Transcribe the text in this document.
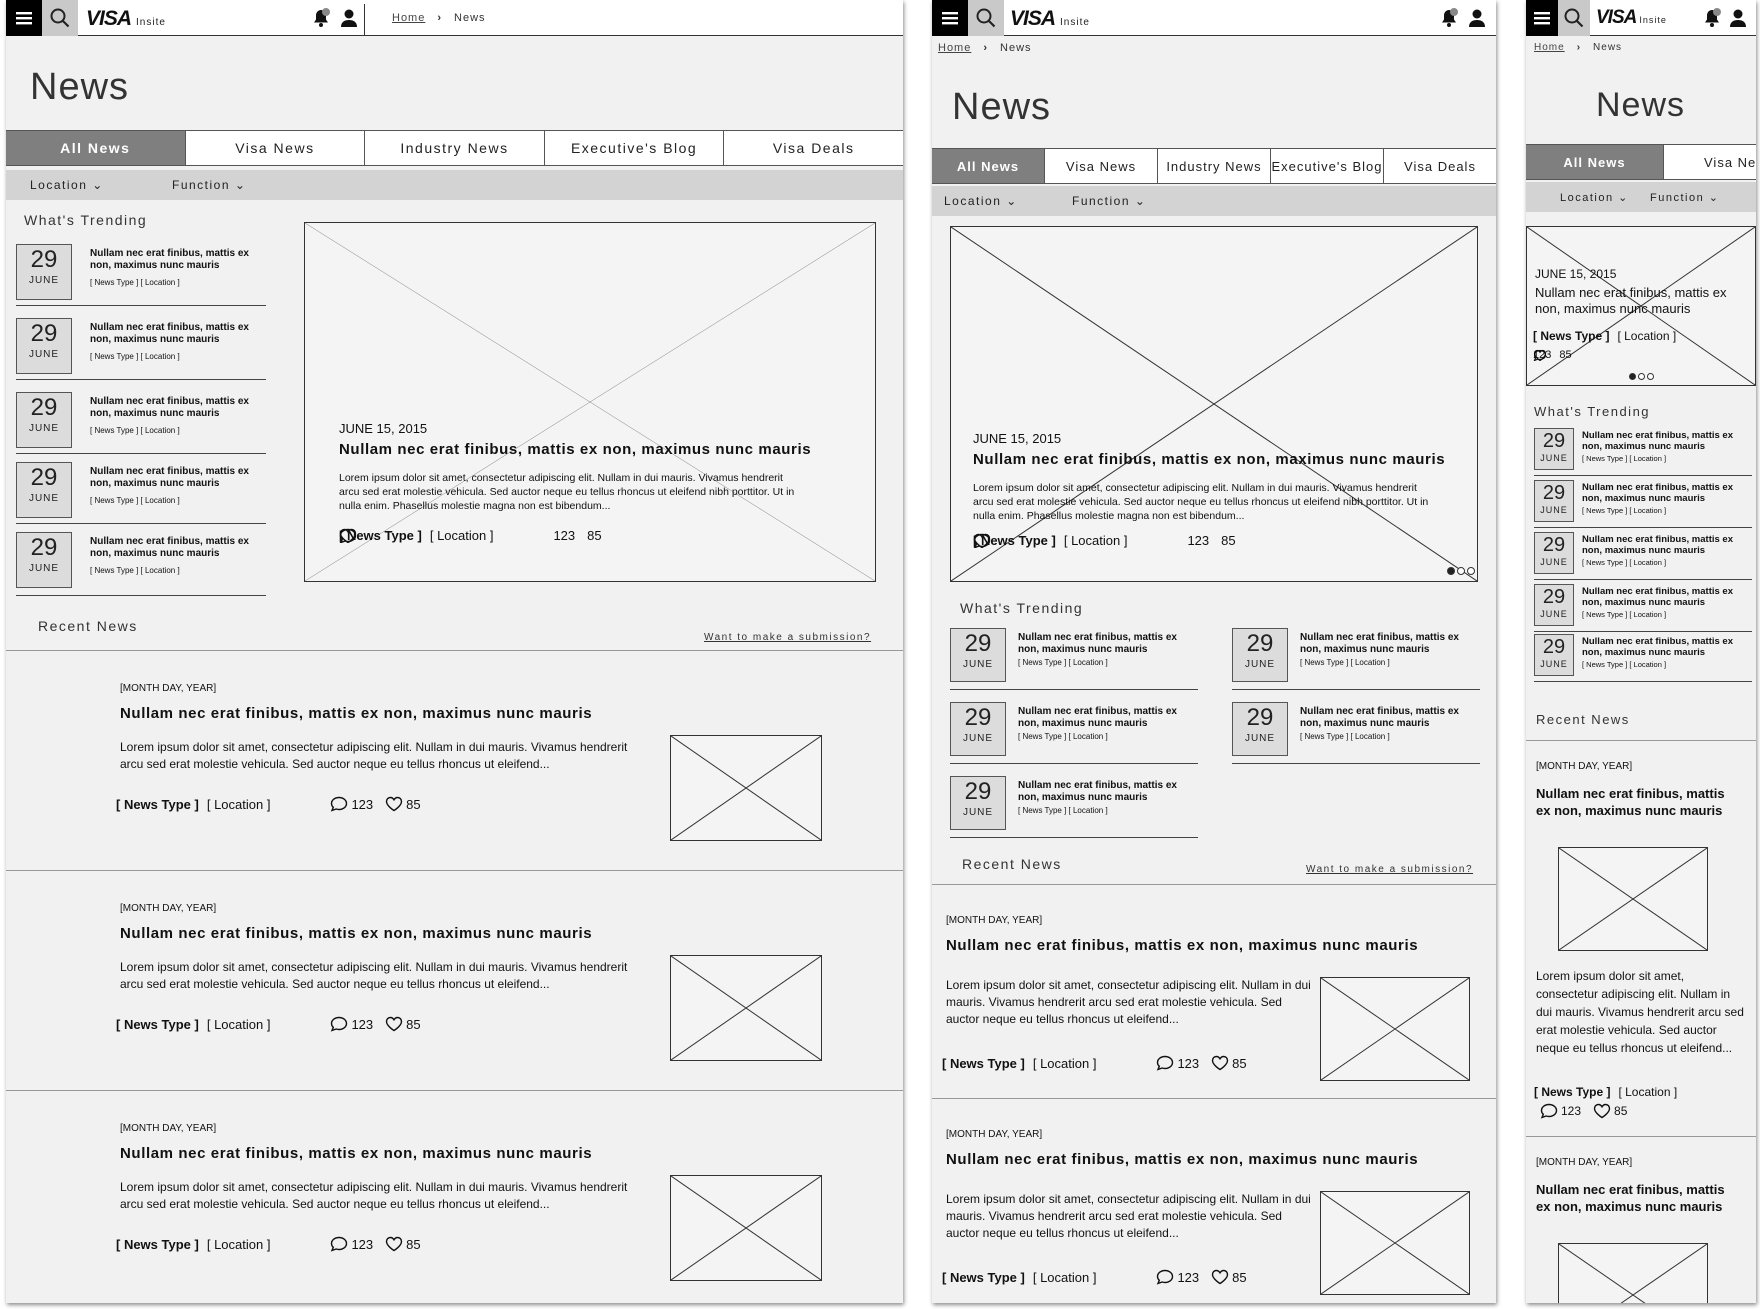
VISA Insite	Home › News
News
All News	Visa News	Industry News	Executive's Blog	Visa Deals
Location ⌄	Function ⌄
What's Trending
29
JUNE
Nullam nec erat finibus, mattis ex non, maximus nunc mauris
[ News Type ] [ Location ]
29
JUNE
Nullam nec erat finibus, mattis ex non, maximus nunc mauris
[ News Type ] [ Location ]
29
JUNE
Nullam nec erat finibus, mattis ex non, maximus nunc mauris
[ News Type ] [ Location ]
29
JUNE
Nullam nec erat finibus, mattis ex non, maximus nunc mauris
[ News Type ] [ Location ]
29
JUNE
Nullam nec erat finibus, mattis ex non, maximus nunc mauris
[ News Type ] [ Location ]
JUNE 15, 2015
Nullam nec erat finibus, mattis ex non, maximus nunc mauris
Lorem ipsum dolor sit amet, consectetur adipiscing elit. Nullam in dui mauris. Vivamus hendrerit arcu sed erat molestie vehicula. Sed auctor neque eu tellus rhoncus ut eleifend nibh porttitor. Ut in nulla enim. Phasellus molestie magna non est bibendum...
[ News Type ] [ Location ]	123 85
Recent News
Want to make a submission?
[MONTH DAY, YEAR]
Nullam nec erat finibus, mattis ex non, maximus nunc mauris
Lorem ipsum dolor sit amet, consectetur adipiscing elit. Nullam in dui mauris. Vivamus hendrerit arcu sed erat molestie vehicula. Sed auctor neque eu tellus rhoncus ut eleifend...
[ News Type ] [ Location ]	123	85
[MONTH DAY, YEAR]
Nullam nec erat finibus, mattis ex non, maximus nunc mauris
Lorem ipsum dolor sit amet, consectetur adipiscing elit. Nullam in dui mauris. Vivamus hendrerit arcu sed erat molestie vehicula. Sed auctor neque eu tellus rhoncus ut eleifend...
[ News Type ] [ Location ]	123	85
[MONTH DAY, YEAR]
Nullam nec erat finibus, mattis ex non, maximus nunc mauris
Lorem ipsum dolor sit amet, consectetur adipiscing elit. Nullam in dui mauris. Vivamus hendrerit arcu sed erat molestie vehicula. Sed auctor neque eu tellus rhoncus ut eleifend...
[ News Type ] [ Location ]	123	85
VISA Insite
Home › News
News
All News	Visa News	Industry News Executive's Blog	Visa Deals
Location ⌄	Function ⌄
JUNE 15, 2015
Nullam nec erat finibus, mattis ex non, maximus nunc mauris
Lorem ipsum dolor sit amet, consectetur adipiscing elit. Nullam in dui mauris. Vivamus hendrerit arcu sed erat molestie vehicula. Sed auctor neque eu tellus rhoncus ut eleifend nibh porttitor. Ut in nulla enim. Phasellus molestie magna non est bibendum...
[ News Type ] [ Location ]	123 85
What's Trending
29
JUNE
Nullam nec erat finibus, mattis ex non, maximus nunc mauris
[ News Type ] [ Location ]
29
JUNE
Nullam nec erat finibus, mattis ex non, maximus nunc mauris
[ News Type ] [ Location ]
29
JUNE
Nullam nec erat finibus, mattis ex non, maximus nunc mauris
[ News Type ] [ Location ]
29
JUNE
Nullam nec erat finibus, mattis ex non, maximus nunc mauris
[ News Type ] [ Location ]
29
JUNE
Nullam nec erat finibus, mattis ex non, maximus nunc mauris
[ News Type ] [ Location ]
Recent News	Want to make a submission?
[MONTH DAY, YEAR]
Nullam nec erat finibus, mattis ex non, maximus nunc mauris
Lorem ipsum dolor sit amet, consectetur adipiscing elit. Nullam in dui mauris. Vivamus hendrerit arcu sed erat molestie vehicula. Sed auctor neque eu tellus rhoncus ut eleifend...
[ News Type ] [ Location ]	123	85
[MONTH DAY, YEAR]
Nullam nec erat finibus, mattis ex non, maximus nunc mauris
Lorem ipsum dolor sit amet, consectetur adipiscing elit. Nullam in dui mauris. Vivamus hendrerit arcu sed erat molestie vehicula. Sed auctor neque eu tellus rhoncus ut eleifend...
[ News Type ] [ Location ]	123	85
VISA Insite
Home › News
News
All News	Visa Ne
Location ⌄ Function ⌄
JUNE 15, 2015
Nullam nec erat finibus, mattis ex non, maximus nunc mauris
[ News Type ] [ Location ]
123 85
What's Trending
29
JUNE
Nullam nec erat finibus, mattis ex non, maximus nunc mauris
[ News Type ] [ Location ]
29
JUNE
Nullam nec erat finibus, mattis ex non, maximus nunc mauris
[ News Type ] [ Location ]
29
JUNE
Nullam nec erat finibus, mattis ex non, maximus nunc mauris
[ News Type ] [ Location ]
29
JUNE
Nullam nec erat finibus, mattis ex non, maximus nunc mauris
[ News Type ] [ Location ]
29
JUNE
Nullam nec erat finibus, mattis ex non, maximus nunc mauris
[ News Type ] [ Location ]
Recent News
[MONTH DAY, YEAR]
Nullam nec erat finibus, mattis ex non, maximus nunc mauris
Lorem ipsum dolor sit amet, consectetur adipiscing elit. Nullam in dui mauris. Vivamus hendrerit arcu sed erat molestie vehicula. Sed auctor neque eu tellus rhoncus ut eleifend...
[ News Type ] [ Location ]
123	85
[MONTH DAY, YEAR]
Nullam nec erat finibus, mattis ex non, maximus nunc mauris
